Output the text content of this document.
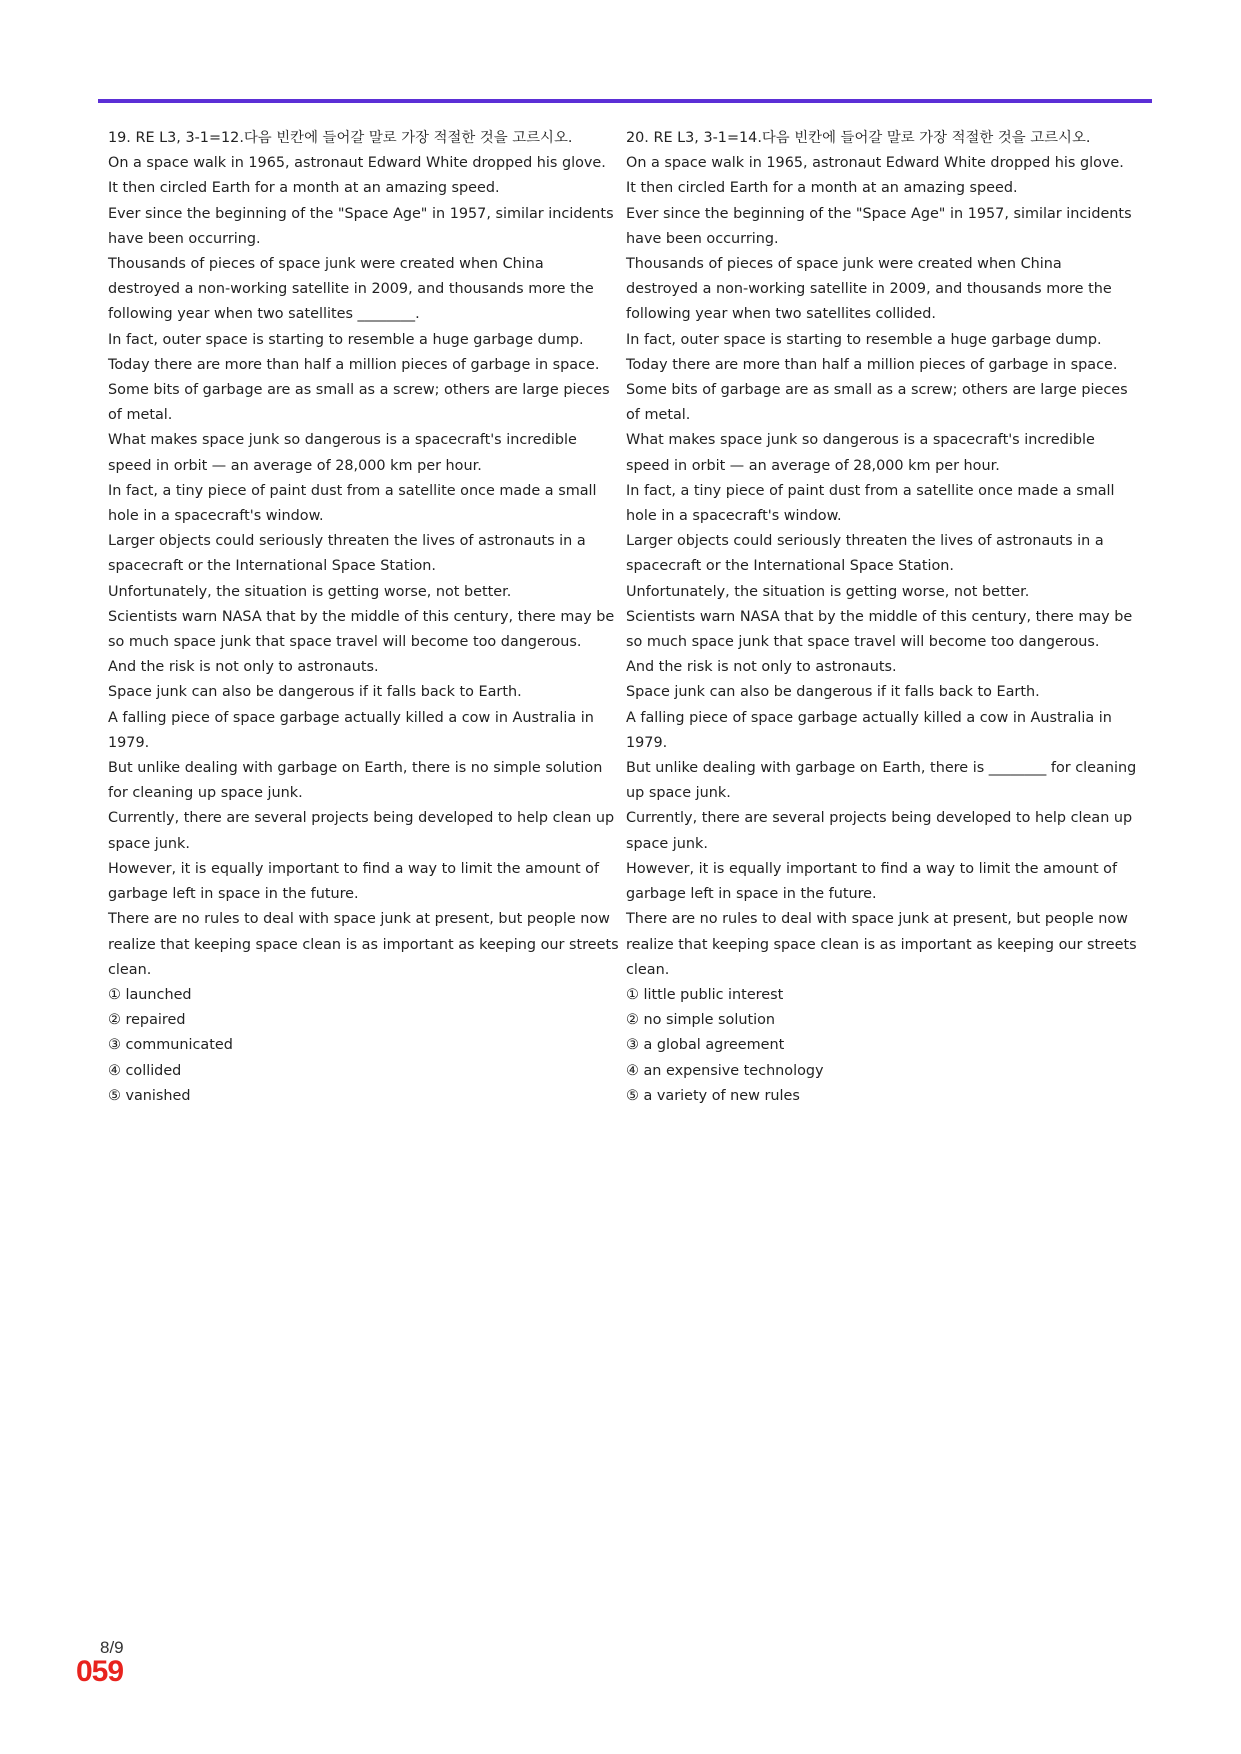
19. RE L3, 3-1=12.다음 빈칸에 들어갈 말로 가장 적절한 것을 고르시오.
On a space walk in 1965, astronaut Edward White dropped his glove.
It then circled Earth for a month at an amazing speed.
Ever since the beginning of the "Space Age" in 1957, similar incidents have been occurring.
Thousands of pieces of space junk were created when China destroyed a non-working satellite in 2009, and thousands more the following year when two satellites ________.
In fact, outer space is starting to resemble a huge garbage dump.
Today there are more than half a million pieces of garbage in space.
Some bits of garbage are as small as a screw; others are large pieces of metal.
What makes space junk so dangerous is a spacecraft's incredible speed in orbit — an average of 28,000 km per hour.
In fact, a tiny piece of paint dust from a satellite once made a small hole in a spacecraft's window.
Larger objects could seriously threaten the lives of astronauts in a spacecraft or the International Space Station.
Unfortunately, the situation is getting worse, not better.
Scientists warn NASA that by the middle of this century, there may be so much space junk that space travel will become too dangerous.
And the risk is not only to astronauts.
Space junk can also be dangerous if it falls back to Earth.
A falling piece of space garbage actually killed a cow in Australia in 1979.
But unlike dealing with garbage on Earth, there is no simple solution for cleaning up space junk.
Currently, there are several projects being developed to help clean up space junk.
However, it is equally important to find a way to limit the amount of garbage left in space in the future.
There are no rules to deal with space junk at present, but people now realize that keeping space clean is as important as keeping our streets clean.
① launched
② repaired
③ communicated
④ collided
⑤ vanished
20. RE L3, 3-1=14.다음 빈칸에 들어갈 말로 가장 적절한 것을 고르시오.
On a space walk in 1965, astronaut Edward White dropped his glove.
It then circled Earth for a month at an amazing speed.
Ever since the beginning of the "Space Age" in 1957, similar incidents have been occurring.
Thousands of pieces of space junk were created when China destroyed a non-working satellite in 2009, and thousands more the following year when two satellites collided.
In fact, outer space is starting to resemble a huge garbage dump.
Today there are more than half a million pieces of garbage in space.
Some bits of garbage are as small as a screw; others are large pieces of metal.
What makes space junk so dangerous is a spacecraft's incredible speed in orbit — an average of 28,000 km per hour.
In fact, a tiny piece of paint dust from a satellite once made a small hole in a spacecraft's window.
Larger objects could seriously threaten the lives of astronauts in a spacecraft or the International Space Station.
Unfortunately, the situation is getting worse, not better.
Scientists warn NASA that by the middle of this century, there may be so much space junk that space travel will become too dangerous.
And the risk is not only to astronauts.
Space junk can also be dangerous if it falls back to Earth.
A falling piece of space garbage actually killed a cow in Australia in 1979.
But unlike dealing with garbage on Earth, there is ________ for cleaning up space junk.
Currently, there are several projects being developed to help clean up space junk.
However, it is equally important to find a way to limit the amount of garbage left in space in the future.
There are no rules to deal with space junk at present, but people now realize that keeping space clean is as important as keeping our streets clean.
① little public interest
② no simple solution
③ a global agreement
④ an expensive technology
⑤ a variety of new rules
8/9
059
